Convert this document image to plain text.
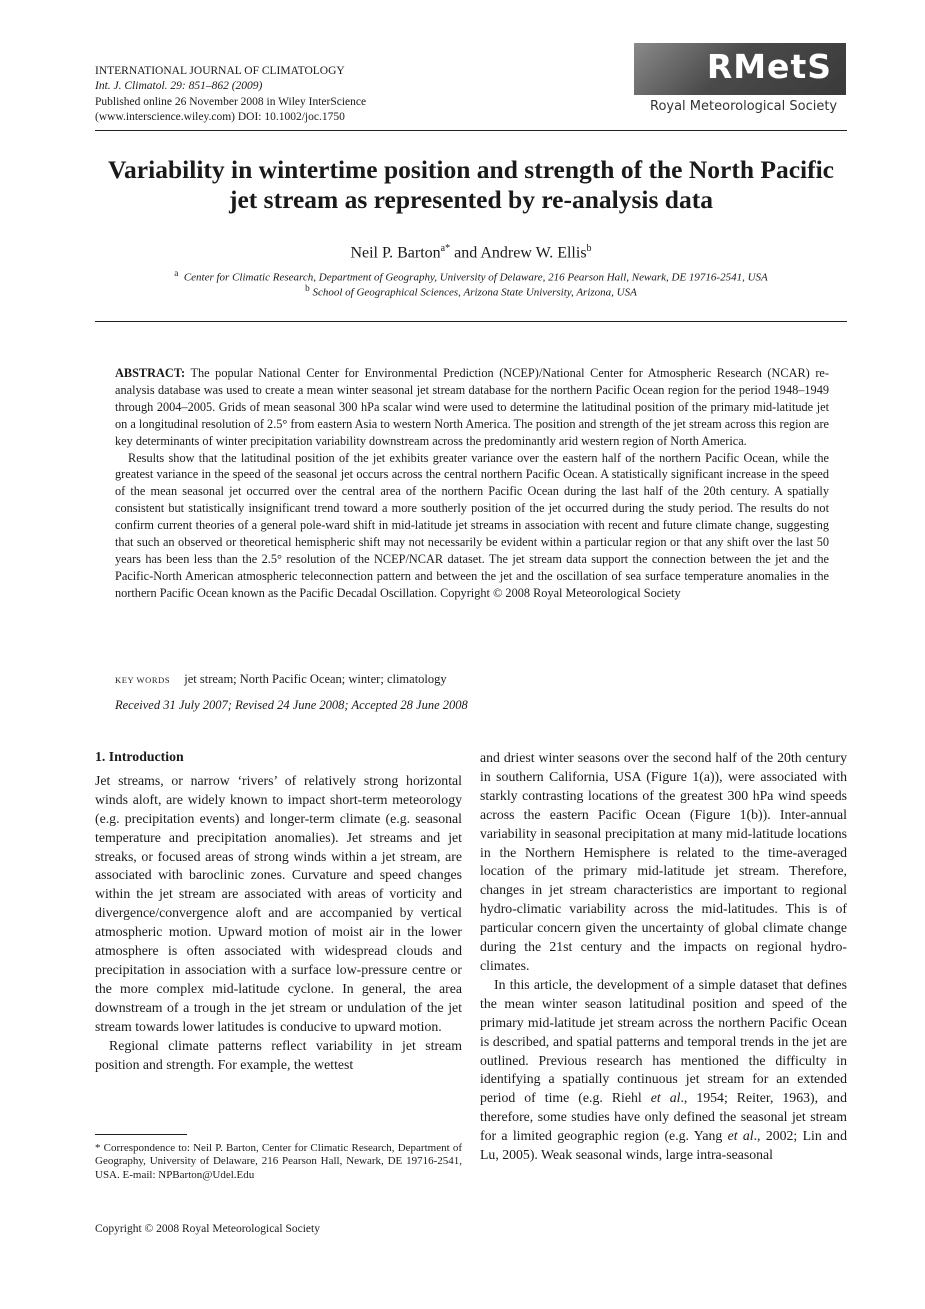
INTERNATIONAL JOURNAL OF CLIMATOLOGY
Int. J. Climatol. 29: 851–862 (2009)
Published online 26 November 2008 in Wiley InterScience
(www.interscience.wiley.com) DOI: 10.1002/joc.1750
RMetS
Royal Meteorological Society
Variability in wintertime position and strength of the North Pacific jet stream as represented by re-analysis data
Neil P. Barton$^{a*}$ and Andrew W. Ellis$^b$
$^a$ Center for Climatic Research, Department of Geography, University of Delaware, 216 Pearson Hall, Newark, DE 19716-2541, USA
$^b$ School of Geographical Sciences, Arizona State University, Arizona, USA

ABSTRACT: The popular National Center for Environmental Prediction (NCEP)/National Center for Atmospheric Research (NCAR) re-analysis database was used to create a mean winter seasonal jet stream database for the northern Pacific Ocean region for the period 1948–1949 through 2004–2005. Grids of mean seasonal 300 hPa scalar wind were used to determine the latitudinal position of the primary mid-latitude jet on a longitudinal resolution of 2.5° from eastern Asia to western North America. The position and strength of the jet stream across this region are key determinants of winter precipitation variability downstream across the predominantly arid western region of North America.

Results show that the latitudinal position of the jet exhibits greater variance over the eastern half of the northern Pacific Ocean, while the greatest variance in the speed of the seasonal jet occurs across the central northern Pacific Ocean. A statistically significant increase in the speed of the mean seasonal jet occurred over the central area of the northern Pacific Ocean during the last half of the 20th century. A spatially consistent but statistically insignificant trend toward a more southerly position of the jet occurred during the study period. The results do not confirm current theories of a general pole-ward shift in mid-latitude jet streams in association with recent and future climate change, suggesting that such an observed or theoretical hemispheric shift may not necessarily be evident within a particular region or that any shift over the last 50 years has been less than the 2.5° resolution of the NCEP/NCAR dataset. The jet stream data support the connection between the jet and the Pacific-North American atmospheric teleconnection pattern and between the jet and the oscillation of sea surface temperature anomalies in the northern Pacific Ocean known as the Pacific Decadal Oscillation. Copyright © 2008 Royal Meteorological Society

KEY WORDS jet stream; North Pacific Ocean; winter; climatology
Received 31 July 2007; Revised 24 June 2008; Accepted 28 June 2008

1. Introduction

Jet streams, or narrow ‘rivers’ of relatively strong horizontal winds aloft, are widely known to impact short-term meteorology (e.g. precipitation events) and longer-term climate (e.g. seasonal temperature and precipitation anomalies). Jet streams and jet streaks, or focused areas of strong winds within a jet stream, are associated with baroclinic zones. Curvature and speed changes within the jet stream are associated with areas of vorticity and divergence/convergence aloft and are accompanied by vertical atmospheric motion. Upward motion of moist air in the lower atmosphere is often associated with widespread clouds and precipitation in association with a surface low-pressure centre or the more complex mid-latitude cyclone. In general, the area downstream of a trough in the jet stream or undulation of the jet stream towards lower latitudes is conducive to upward motion.

Regional climate patterns reflect variability in jet stream position and strength. For example, the wettest

and driest winter seasons over the second half of the 20th century in southern California, USA (Figure 1(a)), were associated with starkly contrasting locations of the greatest 300 hPa wind speeds across the eastern Pacific Ocean (Figure 1(b)). Inter-annual variability in seasonal precipitation at many mid-latitude locations in the Northern Hemisphere is related to the time-averaged location of the primary mid-latitude jet stream. Therefore, changes in jet stream characteristics are important to regional hydro-climatic variability across the mid-latitudes. This is of particular concern given the uncertainty of global climate change during the 21st century and the impacts on regional hydro-climates.

In this article, the development of a simple dataset that defines the mean winter season latitudinal position and speed of the primary mid-latitude jet stream across the northern Pacific Ocean is described, and spatial patterns and temporal trends in the jet are outlined. Previous research has mentioned the difficulty in identifying a spatially continuous jet stream for an extended period of time (e.g. Riehl et al., 1954; Reiter, 1963), and therefore, some studies have only defined the seasonal jet stream for a limited geographic region (e.g. Yang et al., 2002; Lin and Lu, 2005). Weak seasonal winds, large intra-seasonal

* Correspondence to: Neil P. Barton, Center for Climatic Research, Department of Geography, University of Delaware, 216 Pearson Hall, Newark, DE 19716-2541, USA. E-mail: NPBarton@Udel.Edu
Copyright © 2008 Royal Meteorological Society
